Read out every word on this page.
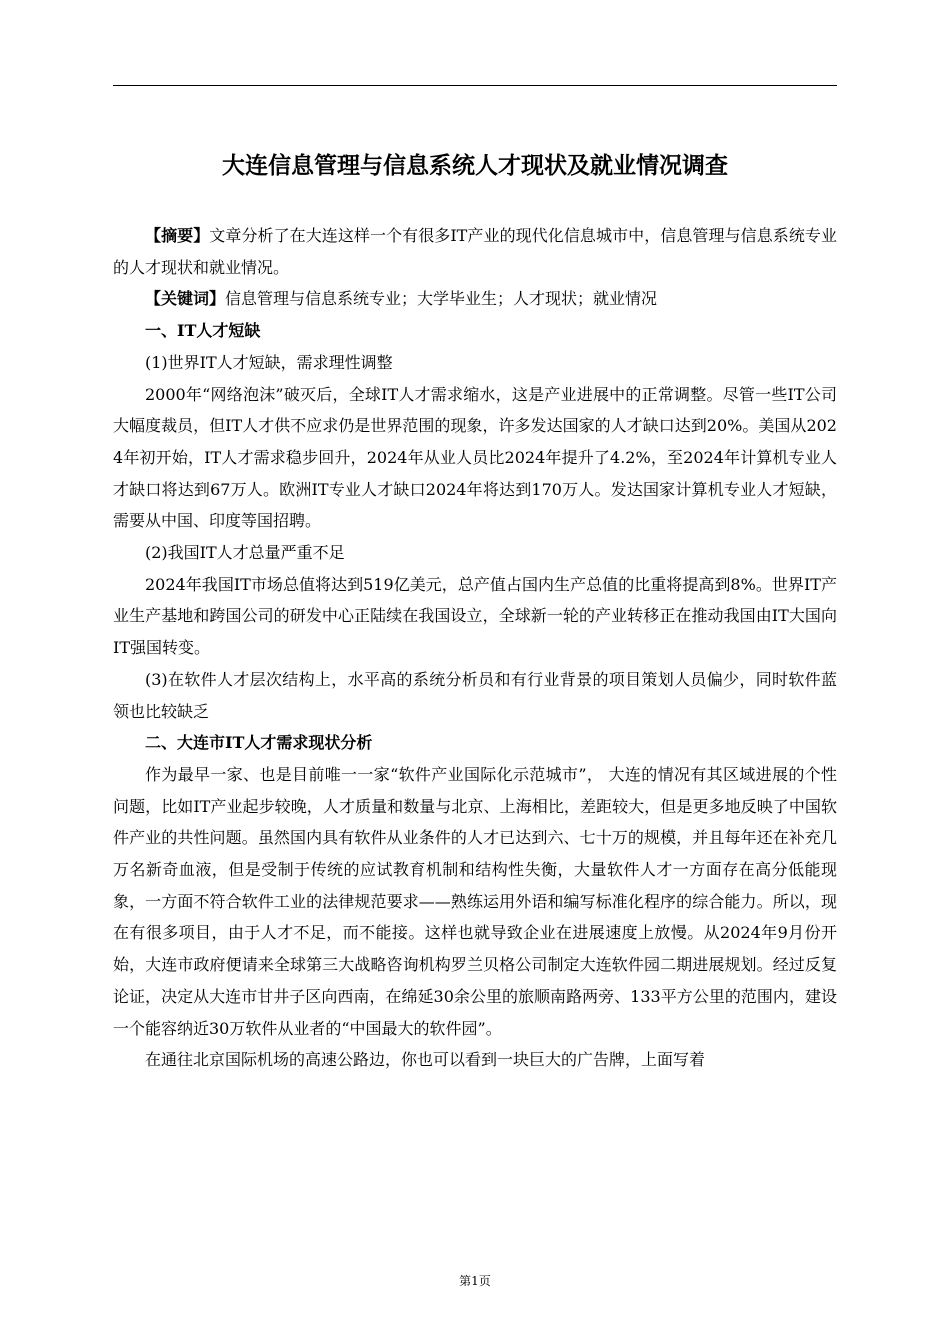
大连信息管理与信息系统人才现状及就业情况调查

【摘要】文章分析了在大连这样一个有很多IT产业的现代化信息城市中，信息管理与信息系统专业的人才现状和就业情况。

【关键词】信息管理与信息系统专业；大学毕业生；人才现状；就业情况

一、IT人才短缺

(1)世界IT人才短缺，需求理性调整

2000年“网络泡沫”破灭后，全球IT人才需求缩水，这是产业进展中的正常调整。尽管一些IT公司大幅度裁员，但IT人才供不应求仍是世界范围的现象，许多发达国家的人才缺口达到20%。美国从2024年初开始，IT人才需求稳步回升，2024年从业人员比2024年提升了4.2%，至2024年计算机专业人才缺口将达到67万人。欧洲IT专业人才缺口2024年将达到170万人。发达国家计算机专业人才短缺，需要从中国、印度等国招聘。

(2)我国IT人才总量严重不足

2024年我国IT市场总值将达到519亿美元，总产值占国内生产总值的比重将提高到8%。世界IT产业生产基地和跨国公司的研发中心正陆续在我国设立，全球新一轮的产业转移正在推动我国由IT大国向IT强国转变。

(3)在软件人才层次结构上，水平高的系统分析员和有行业背景的项目策划人员偏少，同时软件蓝领也比较缺乏

二、大连市IT人才需求现状分析

作为最早一家、也是目前唯一一家“软件产业国际化示范城市”， 大连的情况有其区域进展的个性问题，比如IT产业起步较晚，人才质量和数量与北京、上海相比，差距较大，但是更多地反映了中国软件产业的共性问题。虽然国内具有软件从业条件的人才已达到六、七十万的规模，并且每年还在补充几万名新奇血液，但是受制于传统的应试教育机制和结构性失衡，大量软件人才一方面存在高分低能现象，一方面不符合软件工业的法律规范要求——熟练运用外语和编写标准化程序的综合能力。所以，现在有很多项目，由于人才不足，而不能接。这样也就导致企业在进展速度上放慢。从2024年9月份开始，大连市政府便请来全球第三大战略咨询机构罗兰贝格公司制定大连软件园二期进展规划。经过反复论证，决定从大连市甘井子区向西南，在绵延30余公里的旅顺南路两旁、133平方公里的范围内，建设一个能容纳近30万软件从业者的“中国最大的软件园”。

在通往北京国际机场的高速公路边，你也可以看到一块巨大的广告牌，上面写着

第1页
